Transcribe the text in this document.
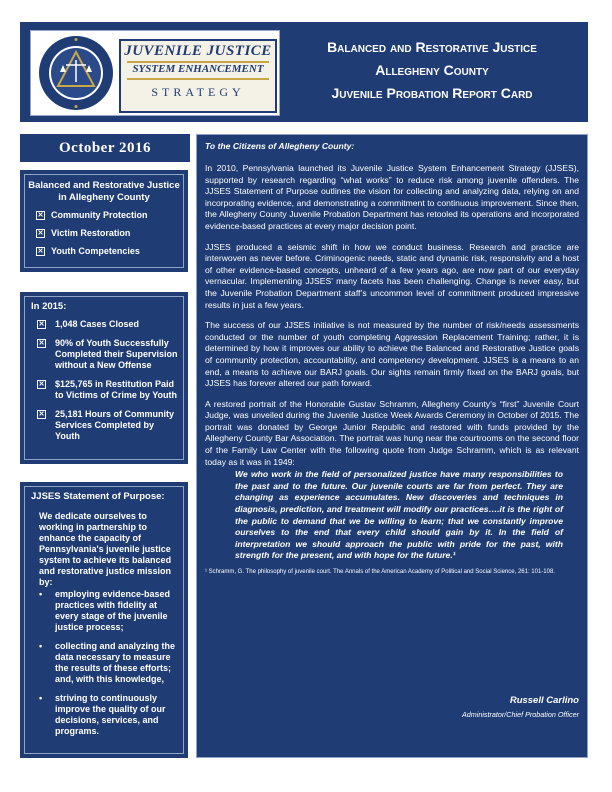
JUVENILE JUSTICE
SYSTEM ENHANCEMENT
STRATEGY
Balanced and Restorative Justice
Allegheny County
Juvenile Probation Report Card
October 2016
Balanced and Restorative Justice in Allegheny County
✕ Community Protection
✕ Victim Restoration
✕ Youth Competencies
In 2015:
✕ 1,048 Cases Closed
✕ 90% of Youth Successfully Completed their Supervision without a New Offense
✕ $125,765 in Restitution Paid to Victims of Crime by Youth
✕ 25,181 Hours of Community Services Completed by Youth
JJSES Statement of Purpose:
We dedicate ourselves to working in partnership to enhance the capacity of Pennsylvania's juvenile justice system to achieve its balanced and restorative justice mission by:
• employing evidence-based practices with fidelity at every stage of the juvenile justice process;
• collecting and analyzing the data necessary to measure the results of these efforts; and, with this knowledge,
• striving to continuously improve the quality of our decisions, services, and programs.
To the Citizens of Allegheny County:

In 2010, Pennsylvania launched its Juvenile Justice System Enhancement Strategy (JJSES), supported by research regarding “what works” to reduce risk among juvenile offenders. The JJSES Statement of Purpose outlines the vision for collecting and analyzing data, relying on and incorporating evidence, and demonstrating a commitment to continuous improvement. Since then, the Allegheny County Juvenile Probation Department has retooled its operations and incorporated evidence-based practices at every major decision point.

JJSES produced a seismic shift in how we conduct business. Research and practice are interwoven as never before. Criminogenic needs, static and dynamic risk, responsivity and a host of other evidence-based concepts, unheard of a few years ago, are now part of our everyday vernacular. Implementing JJSES’ many facets has been challenging. Change is never easy, but the Juvenile Probation Department staff’s uncommon level of commitment produced impressive results in just a few years.

The success of our JJSES initiative is not measured by the number of risk/needs assessments conducted or the number of youth completing Aggression Replacement Training; rather, it is determined by how it improves our ability to achieve the Balanced and Restorative Justice goals of community protection, accountability, and competency development. JJSES is a means to an end, a means to achieve our BARJ goals. Our sights remain firmly fixed on the BARJ goals, but JJSES has forever altered our path forward.

A restored portrait of the Honorable Gustav Schramm, Allegheny County’s “first” Juvenile Court Judge, was unveiled during the Juvenile Justice Week Awards Ceremony in October of 2015. The portrait was donated by George Junior Republic and restored with funds provided by the Allegheny County Bar Association. The portrait was hung near the courtrooms on the second floor of the Family Law Center with the following quote from Judge Schramm, which is as relevant today as it was in 1949:

We who work in the field of personalized justice have many responsibilities to the past and to the future. Our juvenile courts are far from perfect. They are changing as experience accumulates. New discoveries and techniques in diagnosis, prediction, and treatment will modify our practices….it is the right of the public to demand that we be willing to learn; that we constantly improve ourselves to the end that every child should gain by it. In the field of interpretation we should approach the public with pride for the past, with strength for the present, and with hope for the future.¹

¹ Schramm, G. The philosophy of juvenile court. The Annals of the American Academy of Political and Social Science, 261: 101-108.

Russell Carlino
Administrator/Chief Probation Officer
